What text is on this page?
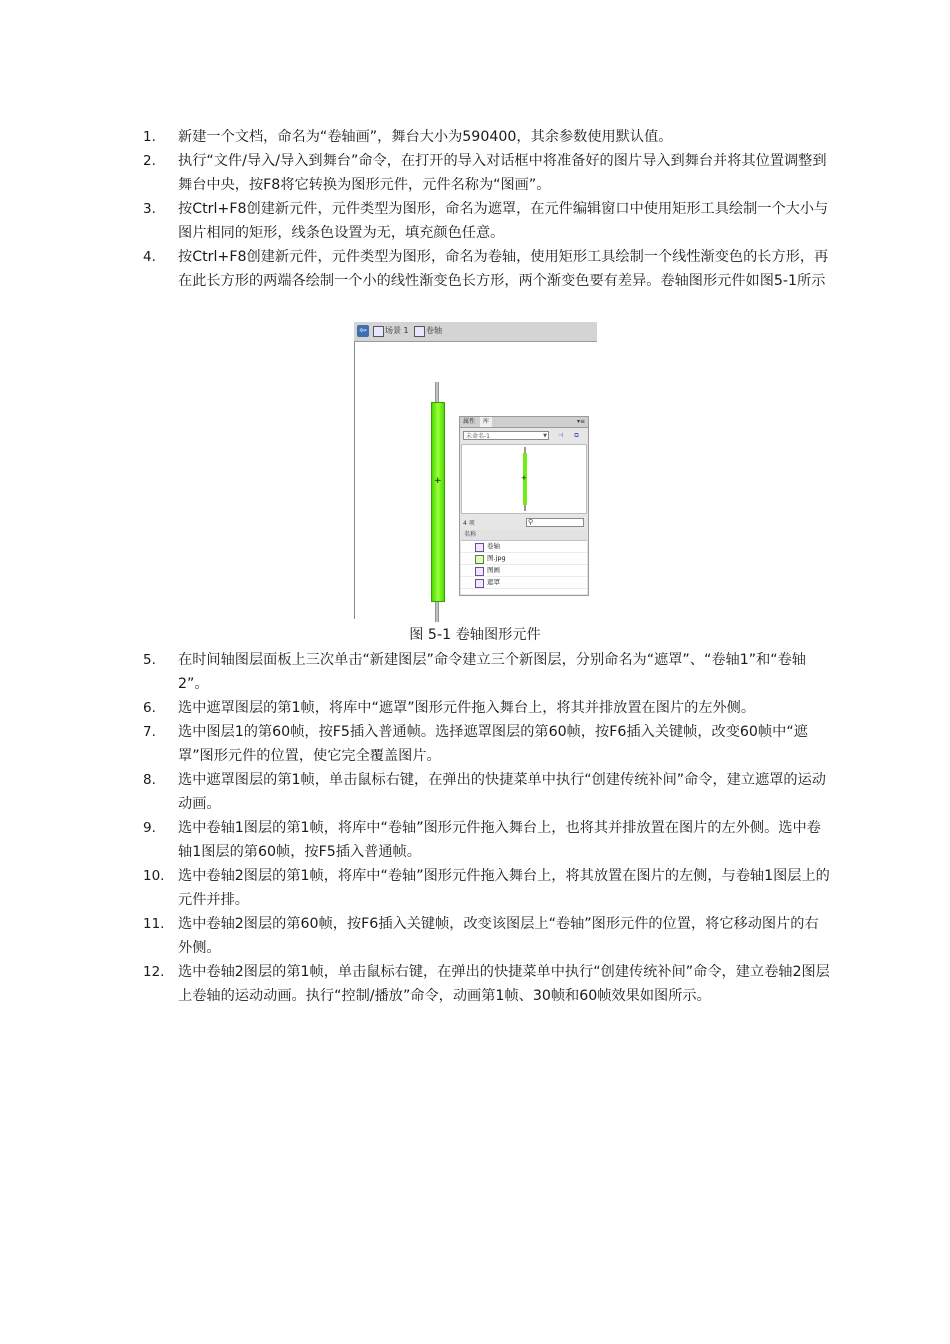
1. 新建一个文档，命名为“卷轴画”，舞台大小为590400，其余参数使用默认值。
2. 执行“文件/导入/导入到舞台”命令，在打开的导入对话框中将准备好的图片导入到舞台并将其位置调整到舞台中央，按F8将它转换为图形元件，元件名称为“图画”。
3. 按Ctrl+F8创建新元件，元件类型为图形，命名为遮罩，在元件编辑窗口中使用矩形工具绘制一个大小与图片相同的矩形，线条色设置为无，填充颜色任意。
4. 按Ctrl+F8创建新元件，元件类型为图形，命名为卷轴，使用矩形工具绘制一个线性渐变色的长方形，再在此长方形的两端各绘制一个小的线性渐变色长方形，两个渐变色要有差异。卷轴图形元件如图5-1所示
⇦ 场景 1 卷轴
+
属性	库	▾≡
未命名-1	▼	⊣	⧉
+
4 项	⚲
名称
卷轴
图.jpg
图画
遮罩
图 5-1 卷轴图形元件
5. 在时间轴图层面板上三次单击“新建图层”命令建立三个新图层，分别命名为“遮罩”、“卷轴1”和“卷轴2”。
6. 选中遮罩图层的第1帧，将库中“遮罩”图形元件拖入舞台上，将其并排放置在图片的左外侧。
7. 选中图层1的第60帧，按F5插入普通帧。选择遮罩图层的第60帧，按F6插入关键帧，改变60帧中“遮罩”图形元件的位置，使它完全覆盖图片。
8. 选中遮罩图层的第1帧，单击鼠标右键，在弹出的快捷菜单中执行“创建传统补间”命令，建立遮罩的运动动画。
9. 选中卷轴1图层的第1帧，将库中“卷轴”图形元件拖入舞台上，也将其并排放置在图片的左外侧。选中卷轴1图层的第60帧，按F5插入普通帧。
10. 选中卷轴2图层的第1帧，将库中“卷轴”图形元件拖入舞台上，将其放置在图片的左侧，与卷轴1图层上的元件并排。
11. 选中卷轴2图层的第60帧，按F6插入关键帧，改变该图层上“卷轴”图形元件的位置，将它移动图片的右外侧。
12. 选中卷轴2图层的第1帧，单击鼠标右键，在弹出的快捷菜单中执行“创建传统补间”命令，建立卷轴2图层上卷轴的运动动画。执行“控制/播放”命令，动画第1帧、30帧和60帧效果如图所示。
